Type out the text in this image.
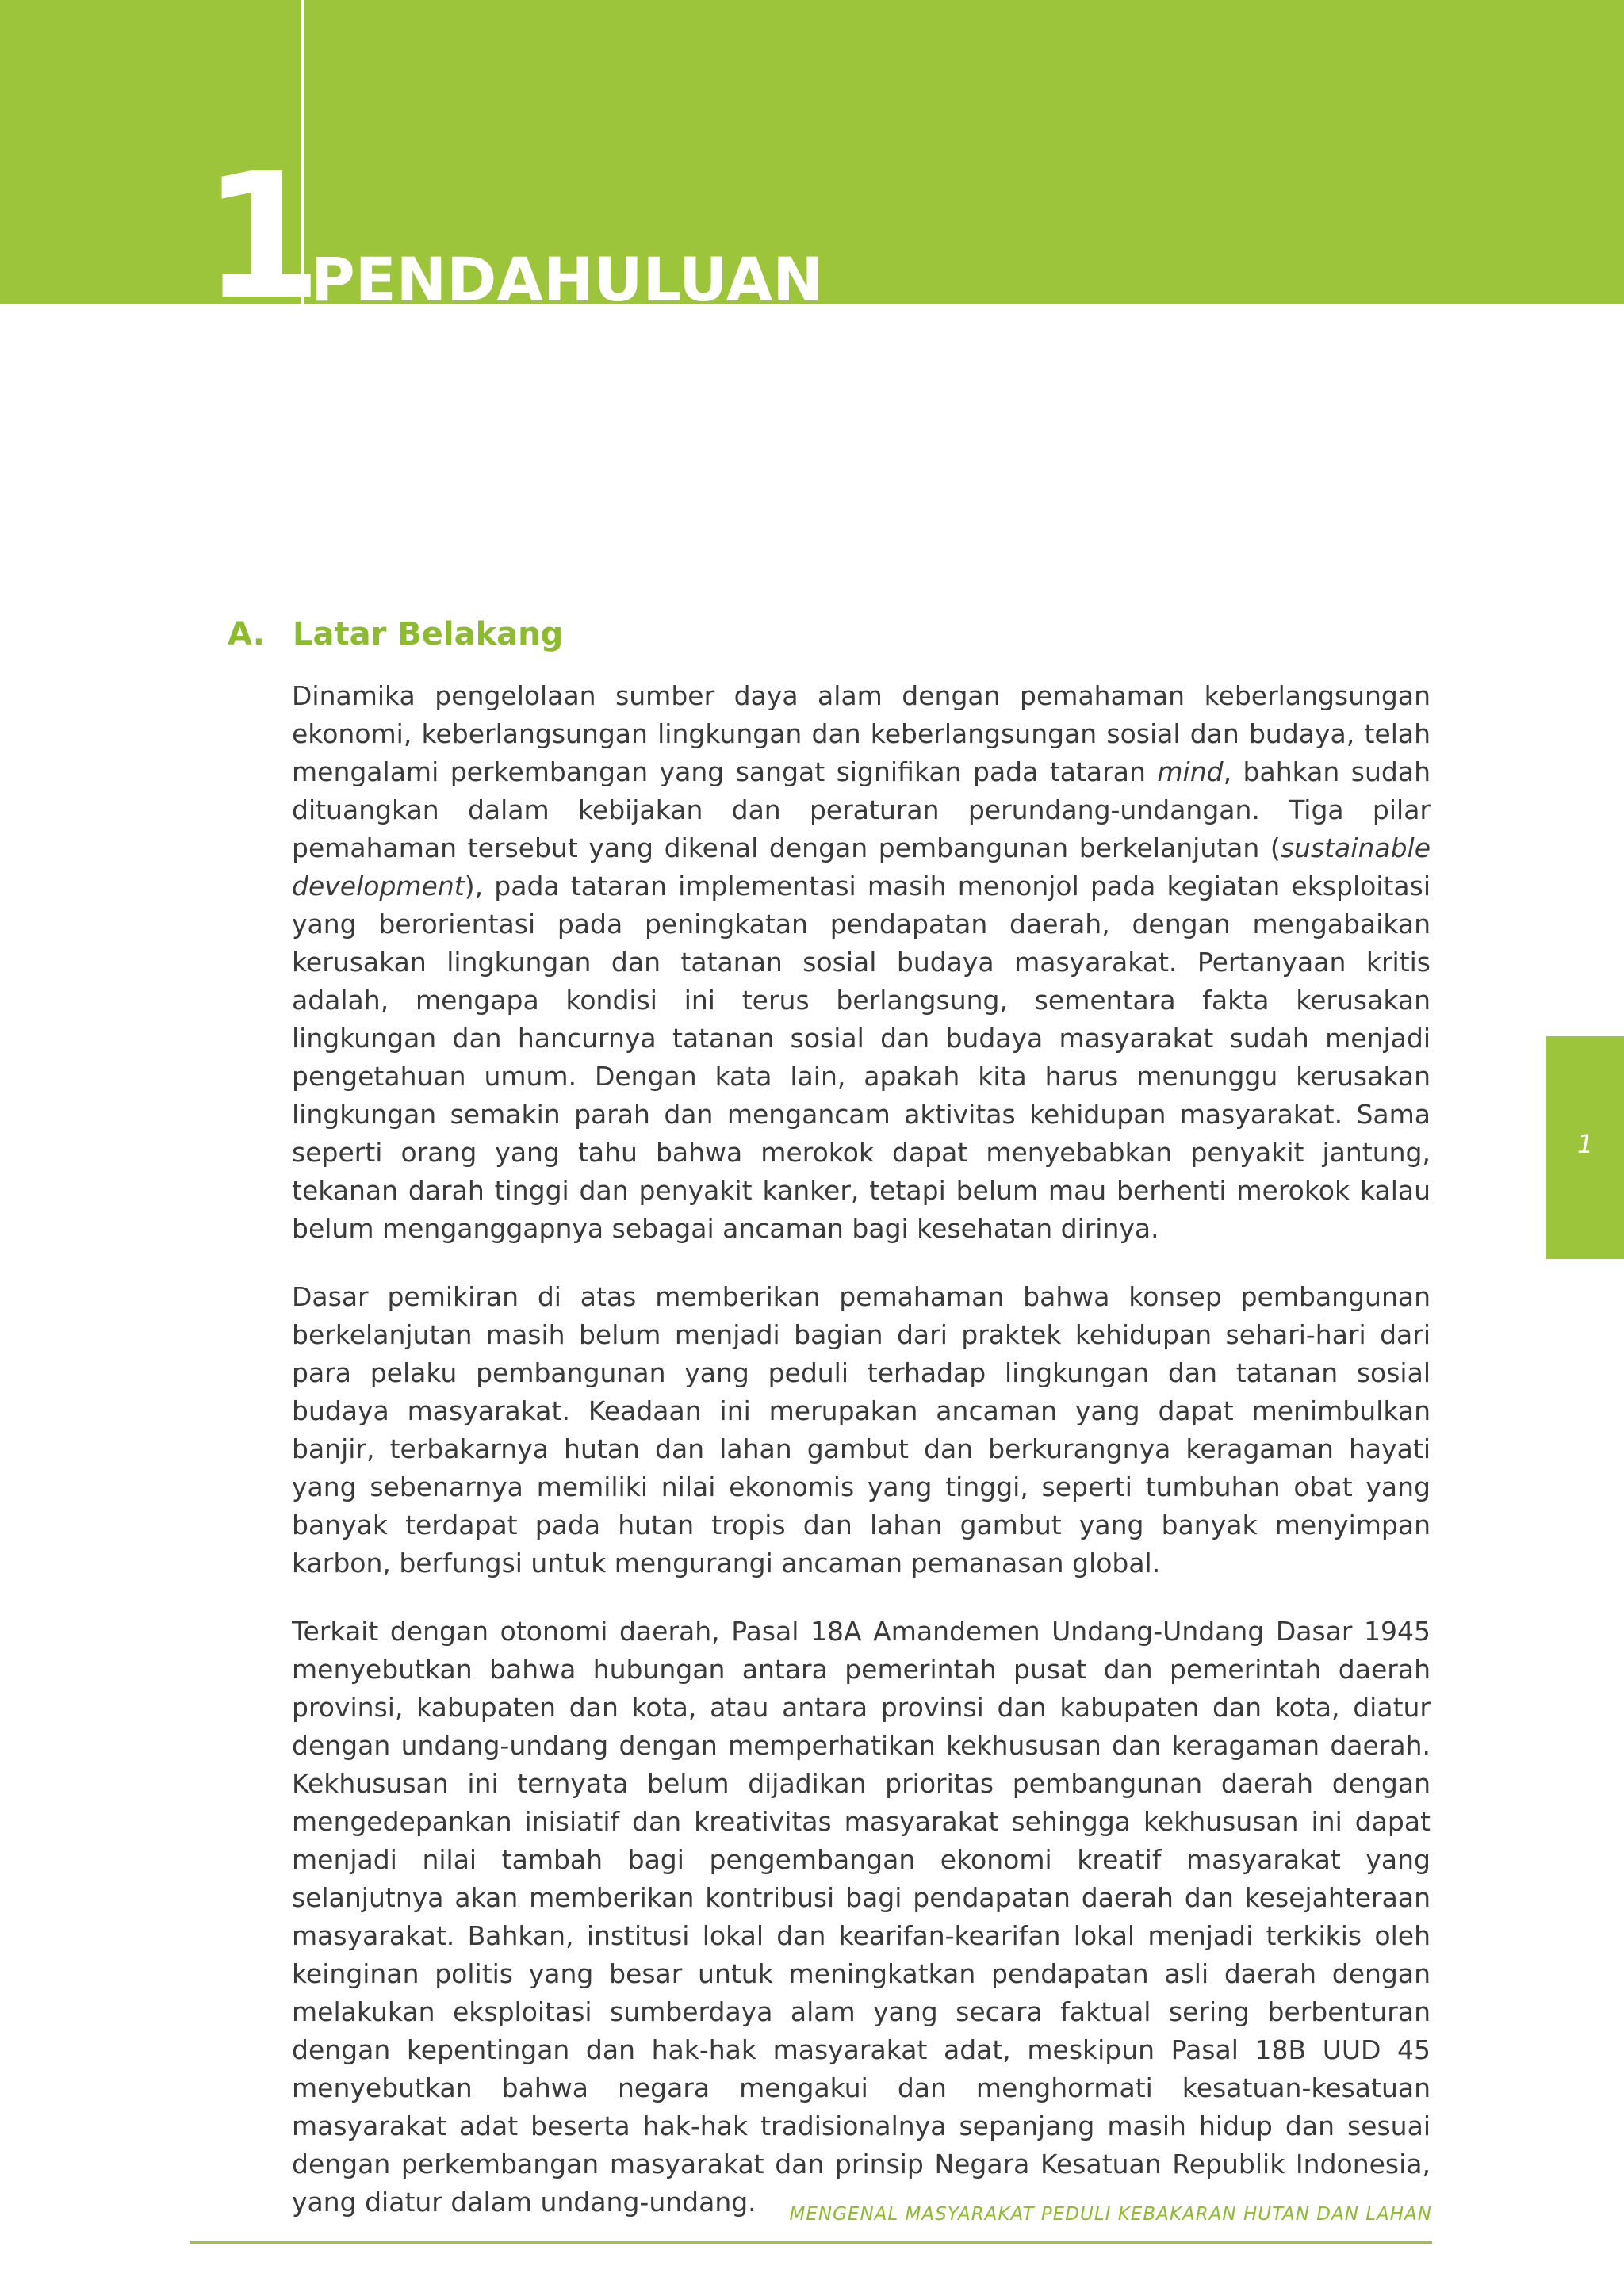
1
PENDAHULUAN
A. Latar Belakang

Dinamika pengelolaan sumber daya alam dengan pemahaman keberlangsungan ekonomi, keberlangsungan lingkungan dan keberlangsungan sosial dan budaya, telah mengalami perkembangan yang sangat signifikan pada tataran mind, bahkan sudah dituangkan dalam kebijakan dan peraturan perundang-undangan. Tiga pilar pemahaman tersebut yang dikenal dengan pembangunan berkelanjutan (sustainable development), pada tataran implementasi masih menonjol pada kegiatan eksploitasi yang berorientasi pada peningkatan pendapatan daerah, dengan mengabaikan kerusakan lingkungan dan tatanan sosial budaya masyarakat. Pertanyaan kritis adalah, mengapa kondisi ini terus berlangsung, sementara fakta kerusakan lingkungan dan hancurnya tatanan sosial dan budaya masyarakat sudah menjadi pengetahuan umum. Dengan kata lain, apakah kita harus menunggu kerusakan lingkungan semakin parah dan mengancam aktivitas kehidupan masyarakat. Sama seperti orang yang tahu bahwa merokok dapat menyebabkan penyakit jantung, tekanan darah tinggi dan penyakit kanker, tetapi belum mau berhenti merokok kalau belum menganggapnya sebagai ancaman bagi kesehatan dirinya.

Dasar pemikiran di atas memberikan pemahaman bahwa konsep pembangunan berkelanjutan masih belum menjadi bagian dari praktek kehidupan sehari-hari dari para pelaku pembangunan yang peduli terhadap lingkungan dan tatanan sosial budaya masyarakat. Keadaan ini merupakan ancaman yang dapat menimbulkan banjir, terbakarnya hutan dan lahan gambut dan berkurangnya keragaman hayati yang sebenarnya memiliki nilai ekonomis yang tinggi, seperti tumbuhan obat yang banyak terdapat pada hutan tropis dan lahan gambut yang banyak menyimpan karbon, berfungsi untuk mengurangi ancaman pemanasan global.

Terkait dengan otonomi daerah, Pasal 18A Amandemen Undang-Undang Dasar 1945 menyebutkan bahwa hubungan antara pemerintah pusat dan pemerintah daerah provinsi, kabupaten dan kota, atau antara provinsi dan kabupaten dan kota, diatur dengan undang-undang dengan memperhatikan kekhususan dan keragaman daerah. Kekhususan ini ternyata belum dijadikan prioritas pembangunan daerah dengan mengedepankan inisiatif dan kreativitas masyarakat sehingga kekhususan ini dapat menjadi nilai tambah bagi pengembangan ekonomi kreatif masyarakat yang selanjutnya akan memberikan kontribusi bagi pendapatan daerah dan kesejahteraan masyarakat. Bahkan, institusi lokal dan kearifan-kearifan lokal menjadi terkikis oleh keinginan politis yang besar untuk meningkatkan pendapatan asli daerah dengan melakukan eksploitasi sumberdaya alam yang secara faktual sering berbenturan dengan kepentingan dan hak-hak masyarakat adat, meskipun Pasal 18B UUD 45 menyebutkan bahwa negara mengakui dan menghormati kesatuan-kesatuan masyarakat adat beserta hak-hak tradisionalnya sepanjang masih hidup dan sesuai dengan perkembangan masyarakat dan prinsip Negara Kesatuan Republik Indonesia, yang diatur dalam undang-undang.

1
MENGENAL MASYARAKAT PEDULI KEBAKARAN HUTAN DAN LAHAN
